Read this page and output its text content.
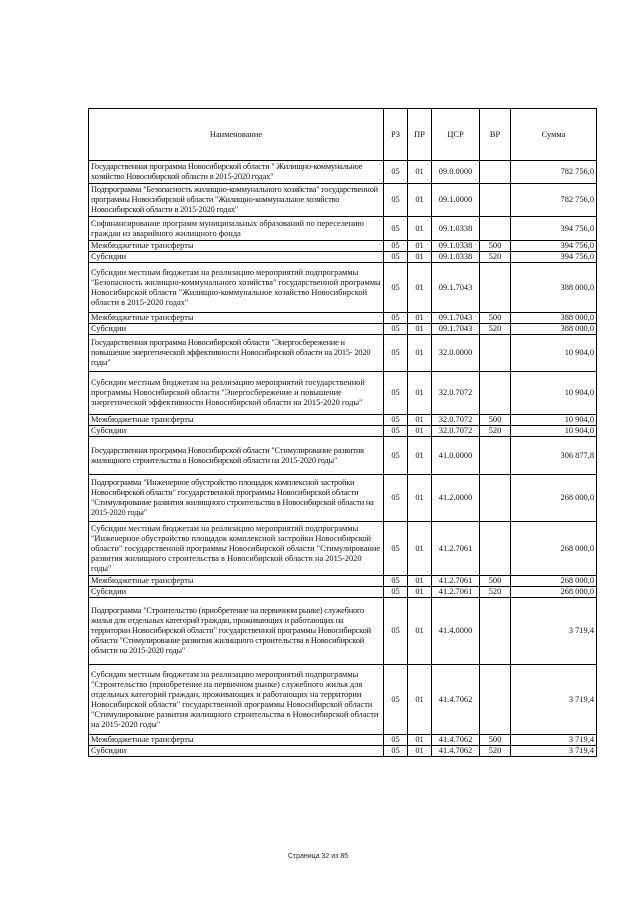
Наименование	РЗ	ПР	ЦСР	ВР	Сумма
Государственная программа Новосибирской области " Жилищно-коммунальное хозяйство Новосибирской области в 2015-2020 годах"	05	01	09.0.0000		782 756,0
Подпрограмма "Безопасность жилищно-коммунального хозяйства" государственной программы Новосибирской области "Жилищно-коммунальное хозяйство Новосибирской области в 2015-2020 годах"	05	01	09.1.0000		782 756,0
Софинансирование программ муниципальных образований по переселению граждан из аварийного жилищного фонда	05	01	09.1.0338		394 756,0
Межбюджетные трансферты	05	01	09.1.0338	500	394 756,0
Субсидии	05	01	09.1.0338	520	394 756,0
Субсидии местным бюджетам на реализацию мероприятий подпрограммы "Безопасность жилищно-коммунального хозяйства" государственной программы Новосибирской области "Жилищно-коммунальное хозяйство Новосибирской области в 2015-2020 годах"	05	01	09.1.7043		388 000,0
Межбюджетные трансферты	05	01	09.1.7043	500	388 000,0
Субсидии	05	01	09.1.7043	520	388 000,0
Государственная программа Новосибирской области "Энергосбережение и повышение энергетической эффективности Новосибирской области на 2015- 2020 годы"	05	01	32.0.0000		10 904,0
Субсидии местным бюджетам на реализацию мероприятий государственной программы Новосибирской области "Энергосбережение и повышение энергетической эффективности Новосибирской области на 2015-2020 годы"	05	01	32.0.7072		10 904,0
Межбюджетные трансферты	05	01	32.0.7072	500	10 904,0
Субсидии	05	01	32.0.7072	520	10 904,0
Государственная программа Новосибирской области "Стимулирование развития жилищного строительства в Новосибирской области на 2015-2020 годы"	05	01	41.0.0000		306 877,8
Подпрограмма "Инженерное обустройство площадок комплексной застройки Новосибирской области" государственной программы Новосибирской области "Стимулирование развития жилищного строительства в Новосибирской области на 2015-2020 годы"	05	01	41.2.0000		268 000,0
Субсидии местным бюджетам на реализацию мероприятий подпрограммы "Инженерное обустройство площадок комплексной застройки Новосибирской области" государственной программы Новосибирской области "Стимулирование развития жилищного строительства в Новосибирской области на 2015-2020 годы"	05	01	41.2.7061		268 000,0
Межбюджетные трансферты	05	01	41.2.7061	500	268 000,0
Субсидии	05	01	41.2.7061	520	268 000,0
Подпрограмма "Строительство (приобретение на первичном рынке) служебного жилья для отдельных категорий граждан, проживающих и работающих на территории Новосибирской области" государственной программы Новосибирской области "Стимулирование развития жилищного строительства в Новосибирской области на 2015-2020 годы"	05	01	41.4.0000		3 719,4
Субсидии местным бюджетам на реализацию мероприятий подпрограммы "Строительство (приобретение на первичном рынке) служебного жилья для отдельных категорий граждан, проживающих и работающих на территории Новосибирской области" государственной программы Новосибирской области "Стимулирование развития жилищного строительства в Новосибирской области на 2015-2020 годы"	05	01	41.4.7062		3 719,4
Межбюджетные трансферты	05	01	41.4.7062	500	3 719,4
Субсидии	05	01	41.4.7062	520	3 719,4
Страница 32 из 85
